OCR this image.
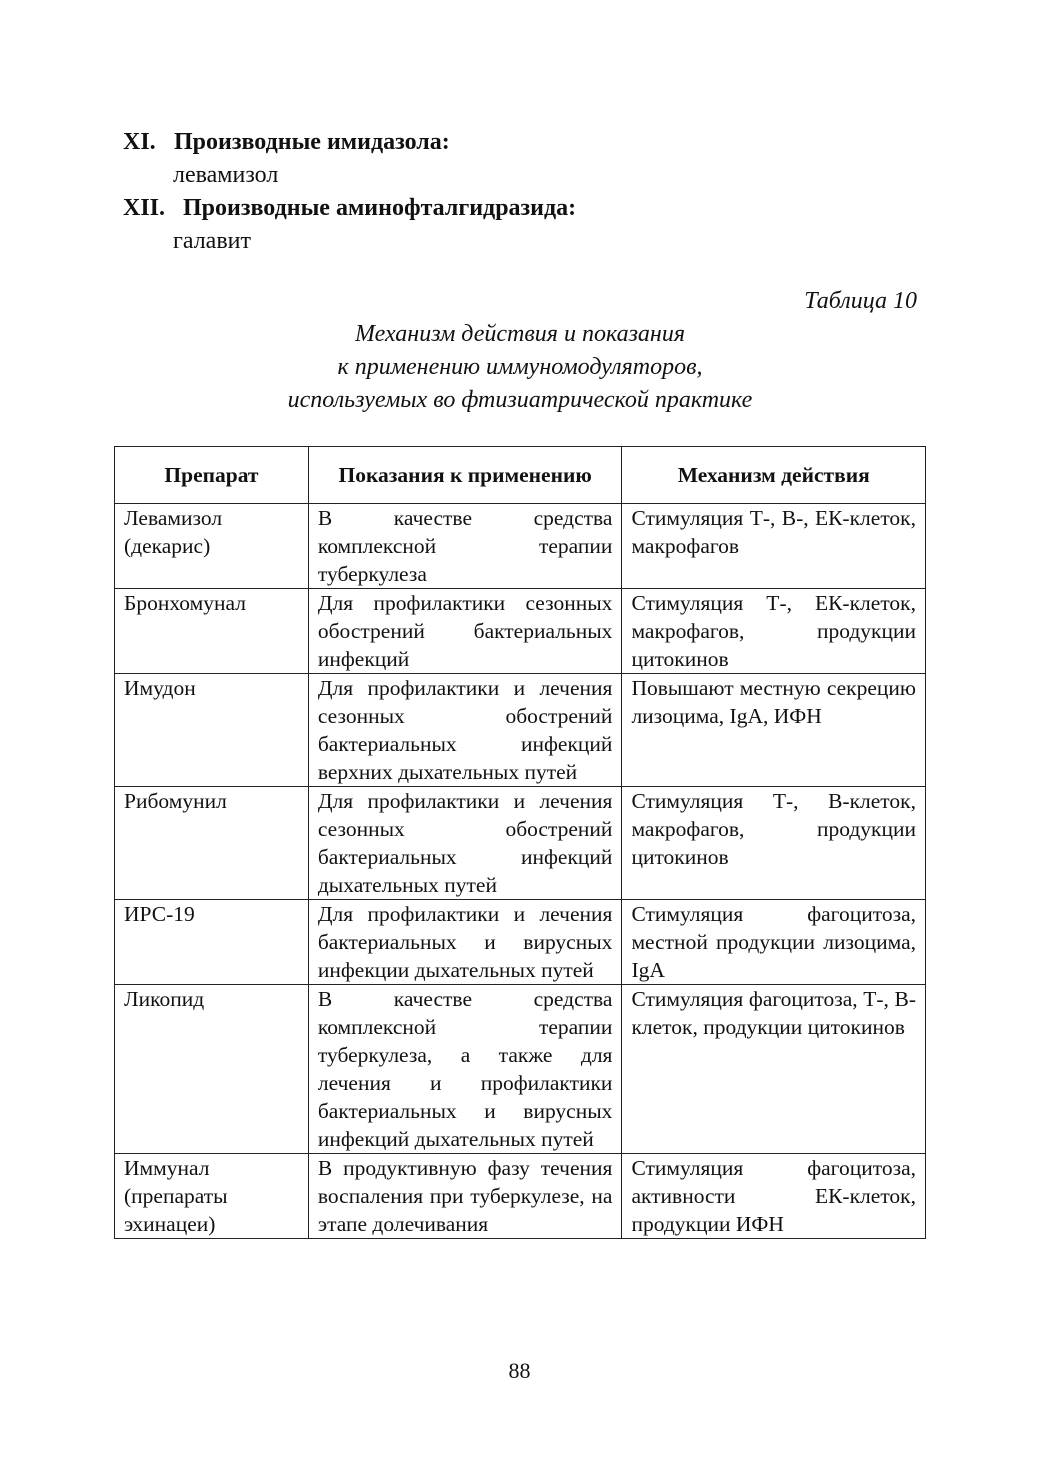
XI. Производные имидазола:
левамизол
XII. Производные аминофталгидразида:
галавит
Таблица 10
Механизм действия и показания
к применению иммуномодуляторов,
используемых во фтизиатрической практике
Препарат	Показания к применению	Механизм действия
Левамизол (декарис)	В качестве средства комплексной терапии туберкулеза	Стимуляция Т-, В-, ЕК-клеток, макрофагов
Бронхомунал	Для профилактики сезонных обострений бактериальных инфекций	Стимуляция Т-, ЕК-клеток, макрофагов, продукции цитокинов
Имудон	Для профилактики и лечения сезонных обострений бактериальных инфекций верхних дыхательных путей	Повышают местную секрецию лизоцима, IgA, ИФН
Рибомунил	Для профилактики и лечения сезонных обострений бактериальных инфекций дыхательных путей	Стимуляция Т-, В-клеток, макрофагов, продукции цитокинов
ИРС-19	Для профилактики и лечения бактериальных и вирусных инфекции дыхательных путей	Стимуляция фагоцитоза, местной продукции лизоцима, IgA
Ликопид	В качестве средства комплексной терапии туберкулеза, а также для лечения и профилактики бактериальных и вирусных инфекций дыхательных путей	Стимуляция фагоцитоза, Т-, В-клеток, продукции цитокинов
Иммунал (препараты эхинацеи)	В продуктивную фазу течения воспаления при туберкулезе, на этапе долечивания	Стимуляция фагоцитоза, активности ЕК-клеток, продукции ИФН
88
